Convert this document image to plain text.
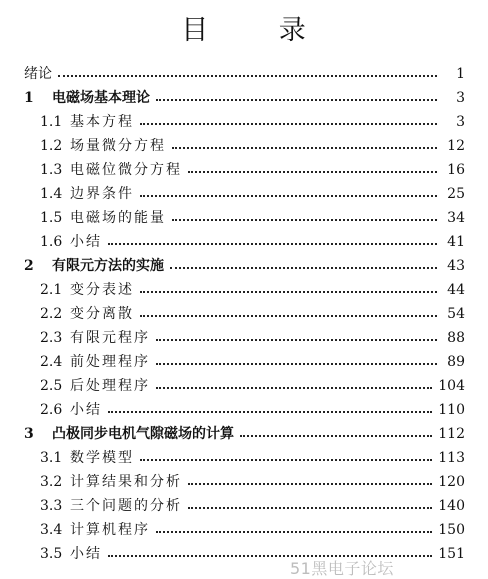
目	录
绪论	1
1	电磁场基本理论	3
1.1 基本方程	3
1.2 场量微分方程	12
1.3 电磁位微分方程	16
1.4 边界条件	25
1.5 电磁场的能量	34
1.6 小结	41
2	有限元方法的实施	43
2.1 变分表述	44
2.2 变分离散	54
2.3 有限元程序	88
2.4 前处理程序	89
2.5 后处理程序	104
2.6 小结	110
3	凸极同步电机气隙磁场的计算	112
3.1 数学模型	113
3.2 计算结果和分析	120
3.3 三个问题的分析	140
3.4 计算机程序	150
3.5 小结	151
51黑电子论坛
